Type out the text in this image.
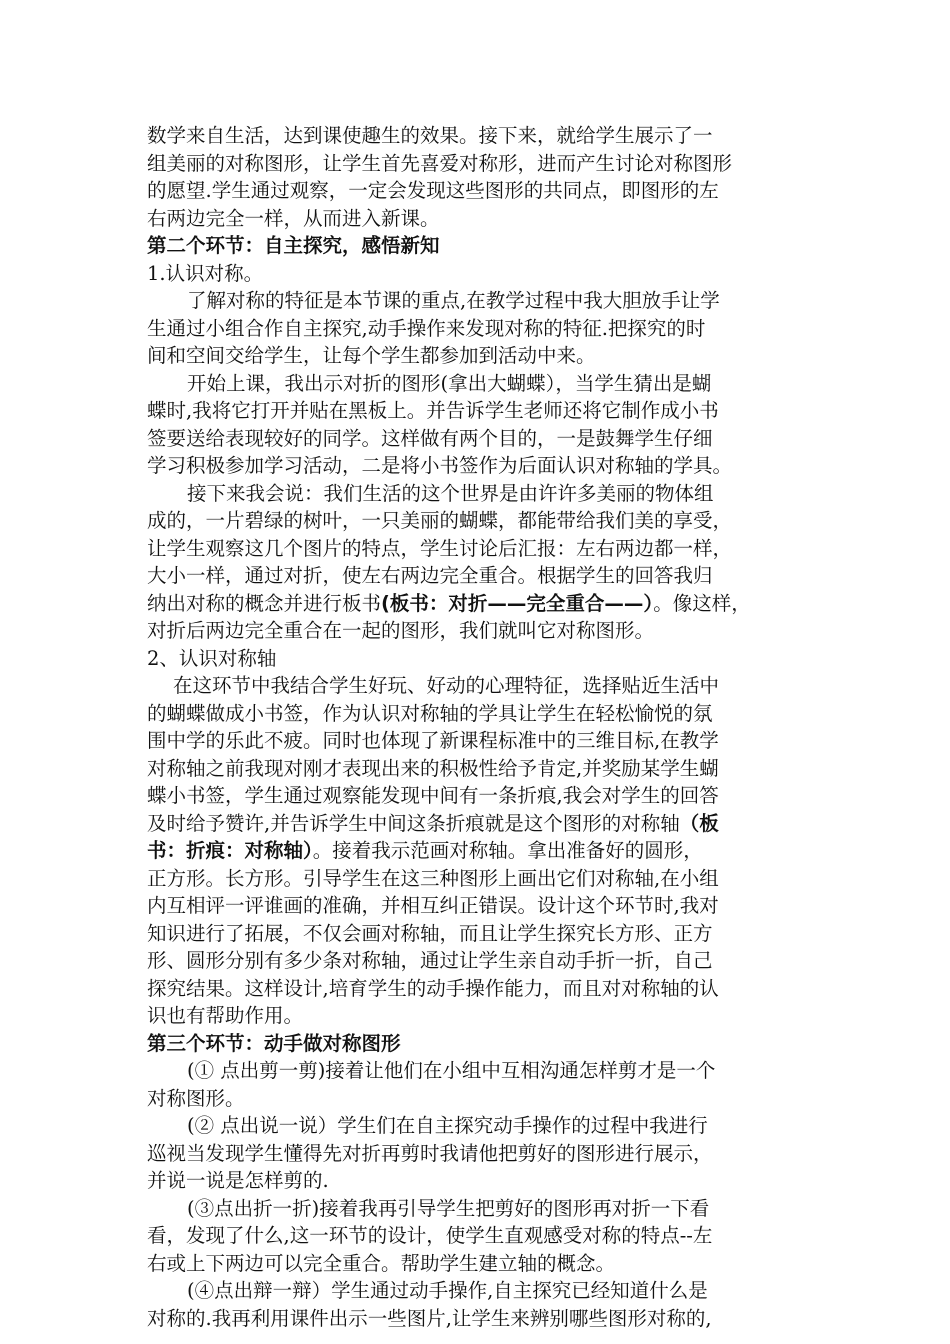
数学来自生活，达到课使趣生的效果。接下来，就给学生展示了一
组美丽的对称图形，让学生首先喜爱对称形，进而产生讨论对称图形
的愿望.学生通过观察，一定会发现这些图形的共同点，即图形的左
右两边完全一样，从而进入新课。
第二个环节：自主探究，感悟新知
1.认识对称。
了解对称的特征是本节课的重点,在教学过程中我大胆放手让学
生通过小组合作自主探究,动手操作来发现对称的特征.把探究的时
间和空间交给学生，让每个学生都参加到活动中来。
开始上课，我出示对折的图形(拿出大蝴蝶），当学生猜出是蝴
蝶时,我将它打开并贴在黑板上。并告诉学生老师还将它制作成小书
签要送给表现较好的同学。这样做有两个目的，一是鼓舞学生仔细
学习积极参加学习活动，二是将小书签作为后面认识对称轴的学具。
接下来我会说：我们生活的这个世界是由许许多美丽的物体组
成的，一片碧绿的树叶，一只美丽的蝴蝶，都能带给我们美的享受，
让学生观察这几个图片的特点，学生讨论后汇报：左右两边都一样，
大小一样，通过对折，使左右两边完全重合。根据学生的回答我归
纳出对称的概念并进行板书(板书：对折——完全重合——）。像这样，
对折后两边完全重合在一起的图形，我们就叫它对称图形。
2、认识对称轴
在这环节中我结合学生好玩、好动的心理特征，选择贴近生活中
的蝴蝶做成小书签，作为认识对称轴的学具让学生在轻松愉悦的氛
围中学的乐此不疲。同时也体现了新课程标准中的三维目标,在教学
对称轴之前我现对刚才表现出来的积极性给予肯定,并奖励某学生蝴
蝶小书签，学生通过观察能发现中间有一条折痕,我会对学生的回答
及时给予赞许,并告诉学生中间这条折痕就是这个图形的对称轴（板
书：折痕：对称轴）。接着我示范画对称轴。拿出准备好的圆形，
正方形。长方形。引导学生在这三种图形上画出它们对称轴,在小组
内互相评一评谁画的准确，并相互纠正错误。设计这个环节时,我对
知识进行了拓展，不仅会画对称轴，而且让学生探究长方形、正方
形、圆形分别有多少条对称轴，通过让学生亲自动手折一折，自己
探究结果。这样设计,培育学生的动手操作能力，而且对对称轴的认
识也有帮助作用。
第三个环节：动手做对称图形
(① 点出剪一剪)接着让他们在小组中互相沟通怎样剪才是一个
对称图形。
(② 点出说一说）学生们在自主探究动手操作的过程中我进行
巡视当发现学生懂得先对折再剪时我请他把剪好的图形进行展示，
并说一说是怎样剪的.
(③点出折一折)接着我再引导学生把剪好的图形再对折一下看
看，发现了什么,这一环节的设计，使学生直观感受对称的特点--左
右或上下两边可以完全重合。帮助学生建立轴的概念。
(④点出辩一辩）学生通过动手操作,自主探究已经知道什么是
对称的.我再利用课件出示一些图片,让学生来辨别哪些图形对称的,
